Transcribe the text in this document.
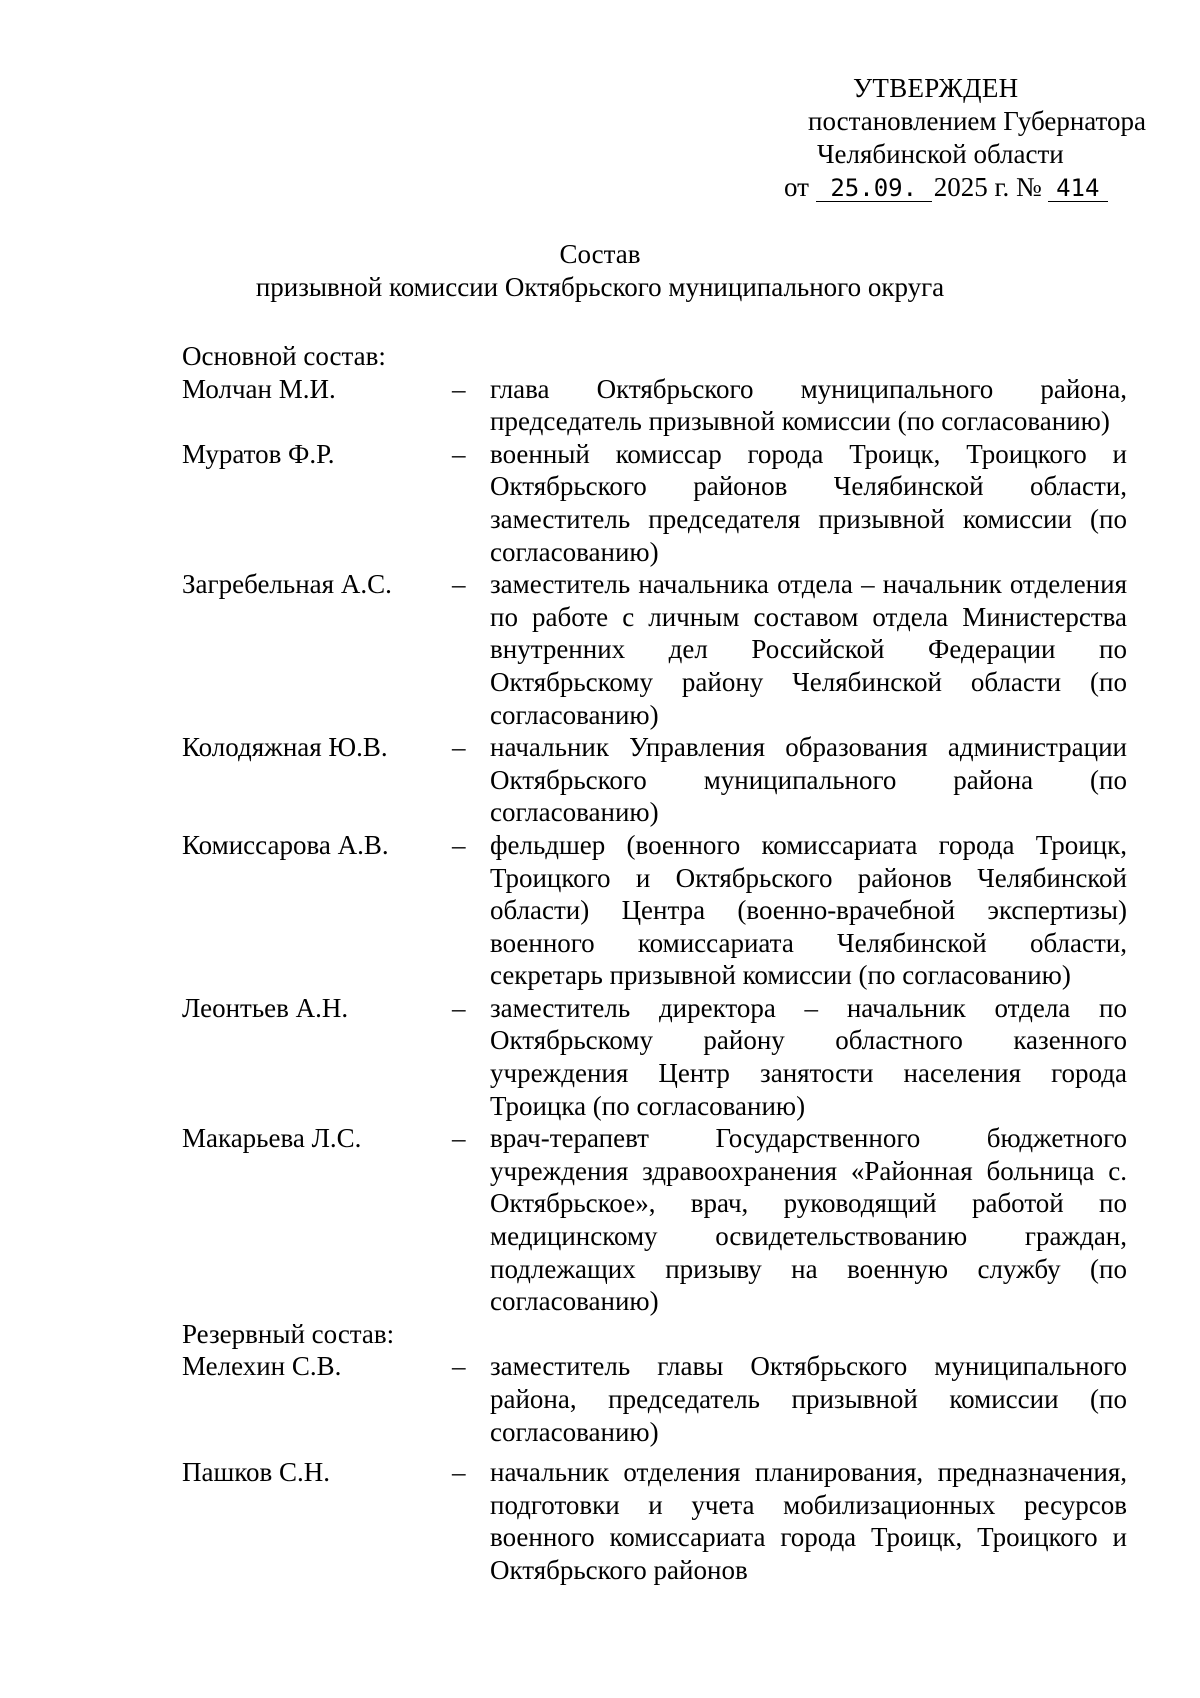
УТВЕРЖДЕН
постановлением Губернатора
Челябинской области
от 25.09. 2025 г. № 414
Состав
призывной комиссии Октябрьского муниципального округа
Основной состав:
Молчан М.И.	– глава Октябрьского муниципального района, председатель призывной комиссии (по согласованию)
Муратов Ф.Р.	– военный комиссар города Троицк, Троицкого и Октябрьского районов Челябинской области, заместитель председателя призывной комиссии (по согласованию)
Загребельная А.С.	– заместитель начальника отдела – начальник отделения по работе с личным составом отдела Министерства внутренних дел Российской Федерации по Октябрьскому району Челябинской области (по согласованию)
Колодяжная Ю.В.	– начальник Управления образования администрации Октябрьского муниципального района (по согласованию)
Комиссарова А.В.	– фельдшер (военного комиссариата города Троицк, Троицкого и Октябрьского районов Челябинской области) Центра (военно-врачебной экспертизы) военного комиссариата Челябинской области, секретарь призывной комиссии (по согласованию)
Леонтьев А.Н.	– заместитель директора – начальник отдела по Октябрьскому району областного казенного учреждения Центр занятости населения города Троицка (по согласованию)
Макарьева Л.С.	– врач-терапевт Государственного бюджетного учреждения здравоохранения «Районная больница с. Октябрьское», врач, руководящий работой по медицинскому освидетельствованию граждан, подлежащих призыву на военную службу (по согласованию)
Резервный состав:
Мелехин С.В.	– заместитель главы Октябрьского муниципального района, председатель призывной комиссии (по согласованию)
Пашков С.Н.	– начальник отделения планирования, предназначения, подготовки и учета мобилизационных ресурсов военного комиссариата города Троицк, Троицкого и Октябрьского районов
